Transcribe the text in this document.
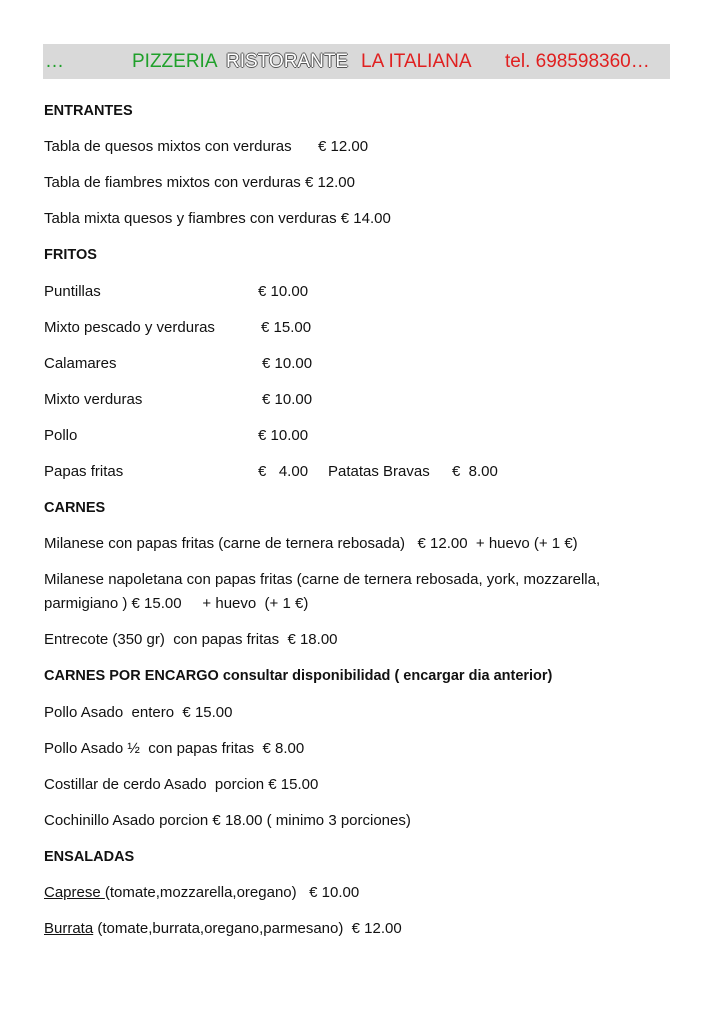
…	PIZZERIA RISTORANTE LA ITALIANA tel. 698598360…
ENTRANTES
Tabla de quesos mixtos con verduras € 12.00
Tabla de fiambres mixtos con verduras € 12.00
Tabla mixta quesos y fiambres con verduras € 14.00
FRITOS
Puntillas	€ 10.00
Mixto pescado y verduras	€ 15.00
Calamares	€ 10.00
Mixto verduras	€ 10.00
Pollo	€ 10.00
Papas fritas	€   4.00 Patatas Bravas €  8.00
CARNES
Milanese con papas fritas (carne de ternera rebosada)   € 12.00  + huevo (+ 1 €)
Milanese napoletana con papas fritas (carne de ternera rebosada, york, mozzarella,
parmigiano ) € 15.00     + huevo  (+ 1 €)
Entrecote (350 gr)  con papas fritas  € 18.00
CARNES POR ENCARGO consultar disponibilidad ( encargar dia anterior)
Pollo Asado  entero  € 15.00
Pollo Asado ½  con papas fritas  € 8.00
Costillar de cerdo Asado  porcion € 15.00
Cochinillo Asado porcion € 18.00 ( minimo 3 porciones)
ENSALADAS
Caprese (tomate,mozzarella,oregano)   € 10.00
Burrata (tomate,burrata,oregano,parmesano)  € 12.00
